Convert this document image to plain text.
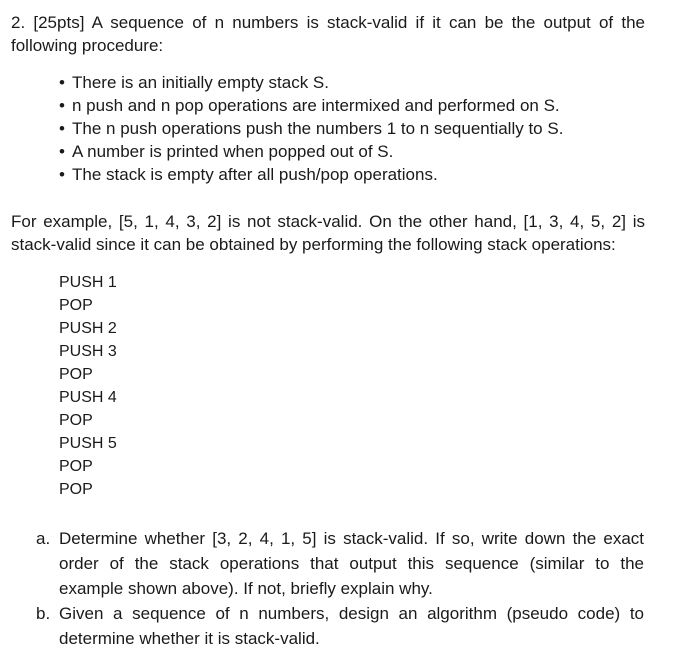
2. [25pts] A sequence of n numbers is stack-valid if it can be the output of the following procedure:
• There is an initially empty stack S.
• n push and n pop operations are intermixed and performed on S.
• The n push operations push the numbers 1 to n sequentially to S.
• A number is printed when popped out of S.
• The stack is empty after all push/pop operations.
For example, [5, 1, 4, 3, 2] is not stack-valid. On the other hand, [1, 3, 4, 5, 2] is stack-valid since it can be obtained by performing the following stack operations:
PUSH 1
POP
PUSH 2
PUSH 3
POP
PUSH 4
POP
PUSH 5
POP
POP
a. Determine whether [3, 2, 4, 1, 5] is stack-valid. If so, write down the exact order of the stack operations that output this sequence (similar to the example shown above). If not, briefly explain why.
b. Given a sequence of n numbers, design an algorithm (pseudo code) to determine whether it is stack-valid.
